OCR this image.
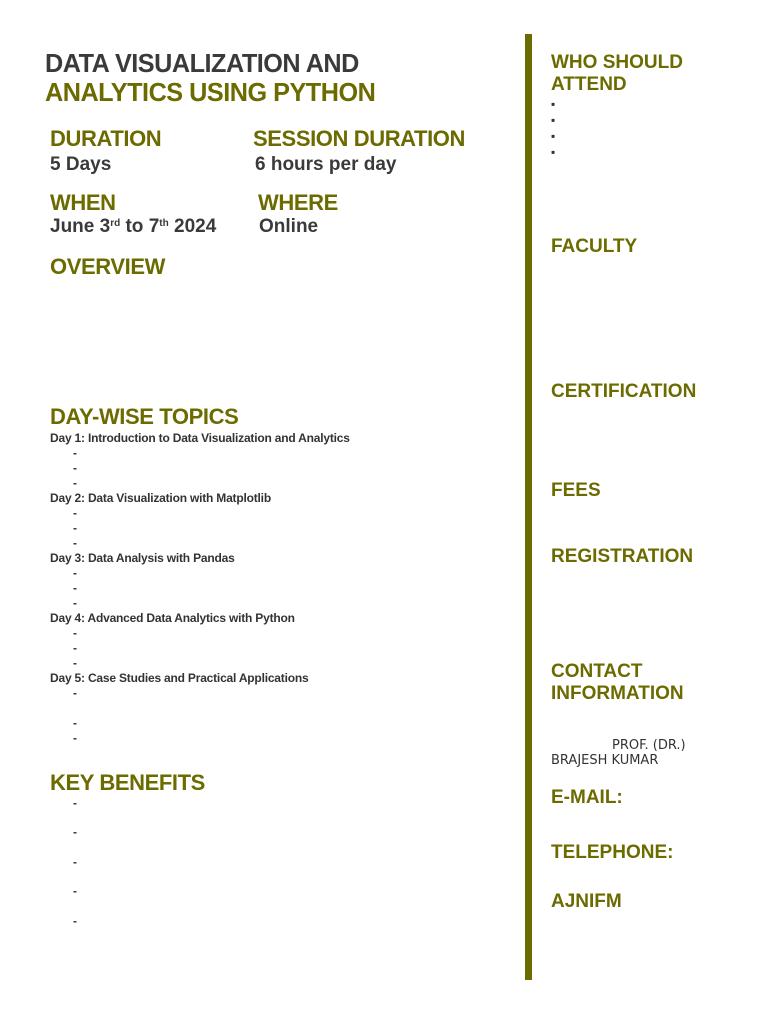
DATA VISUALIZATION AND
ANALYTICS USING PYTHON
DURATION
5 Days
SESSION DURATION
6 hours per day
WHEN
June 3rd to 7th 2024
WHERE
Online
OVERVIEW
DAY-WISE TOPICS
Day 1: Introduction to Data Visualization and Analytics
-
-
-
Day 2: Data Visualization with Matplotlib
-
-
-
Day 3: Data Analysis with Pandas
-
-
-
Day 4: Advanced Data Analytics with Python
-
-
-
Day 5: Case Studies and Practical Applications
-
-
-
KEY BENEFITS
-
-
-
-
-
WHO SHOULD
ATTEND
▪
▪
▪
▪
FACULTY
CERTIFICATION
FEES
REGISTRATION
CONTACT
INFORMATION
PROF. (DR.)
BRAJESH KUMAR
E-MAIL:
TELEPHONE:
AJNIFM
